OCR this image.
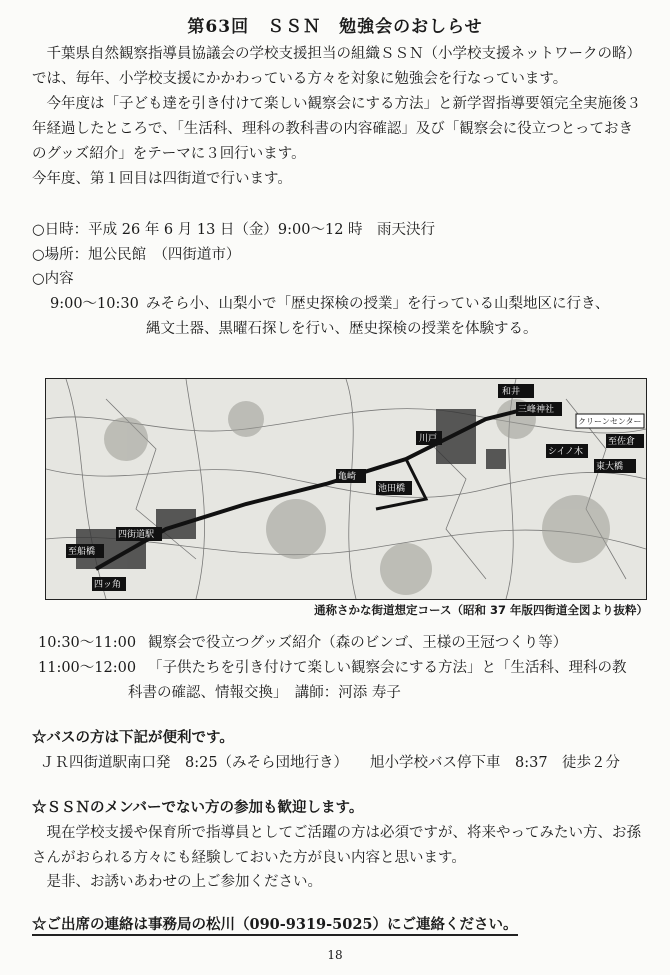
第63回　ＳＳＮ　勉強会のおしらせ

千葉県自然観察指導員協議会の学校支援担当の組織ＳＳＮ（小学校支援ネットワークの略）では、毎年、小学校支援にかかわっている方々を対象に勉強会を行なっています。

今年度は「子ども達を引き付けて楽しい観察会にする方法」と新学習指導要領完全実施後３年経過したところで、「生活科、理科の教科書の内容確認」及び「観察会に役立つとっておきのグッズ紹介」をテーマに３回行います。

今年度、第１回目は四街道で行います。

○日時：平成 26 年 6 月 13 日（金）9:00～12 時　雨天決行
○場所：旭公民館　（四街道市）
○内容
9:00～10:30 みそら小、山梨小で「歴史探検の授業」を行っている山梨地区に行き、
縄文土器、黒曜石探しを行い、歴史探検の授業を体験する。
和井
三峰神社
クリーンセンター
至佐倉
川戸
シイノ木
東大橋
亀崎
池田橋
四街道駅
至船橋
四ッ角
通称さかな街道想定コース（昭和 37 年版四街道全図より抜粋）
10:30～11:00 観察会で役立つグッズ紹介（森のビンゴ、王様の王冠つくり等）
11:00～12:00 「子供たちを引き付けて楽しい観察会にする方法」と「生活科、理科の教
科書の確認、情報交換」　講師：河添 寿子
☆バスの方は下記が便利です。
ＪＲ四街道駅南口発　8:25（みそら団地行き） 旭小学校バス停下車　8:37　徒歩２分
☆ＳＳＮのメンバーでない方の参加も歓迎します。

現在学校支援や保育所で指導員としてご活躍の方は必須ですが、将来やってみたい方、お孫さんがおられる方々にも経験しておいた方が良い内容と思います。

是非、お誘いあわせの上ご参加ください。

☆ご出席の連絡は事務局の松川（090-9319-5025）にご連絡ください。
18
